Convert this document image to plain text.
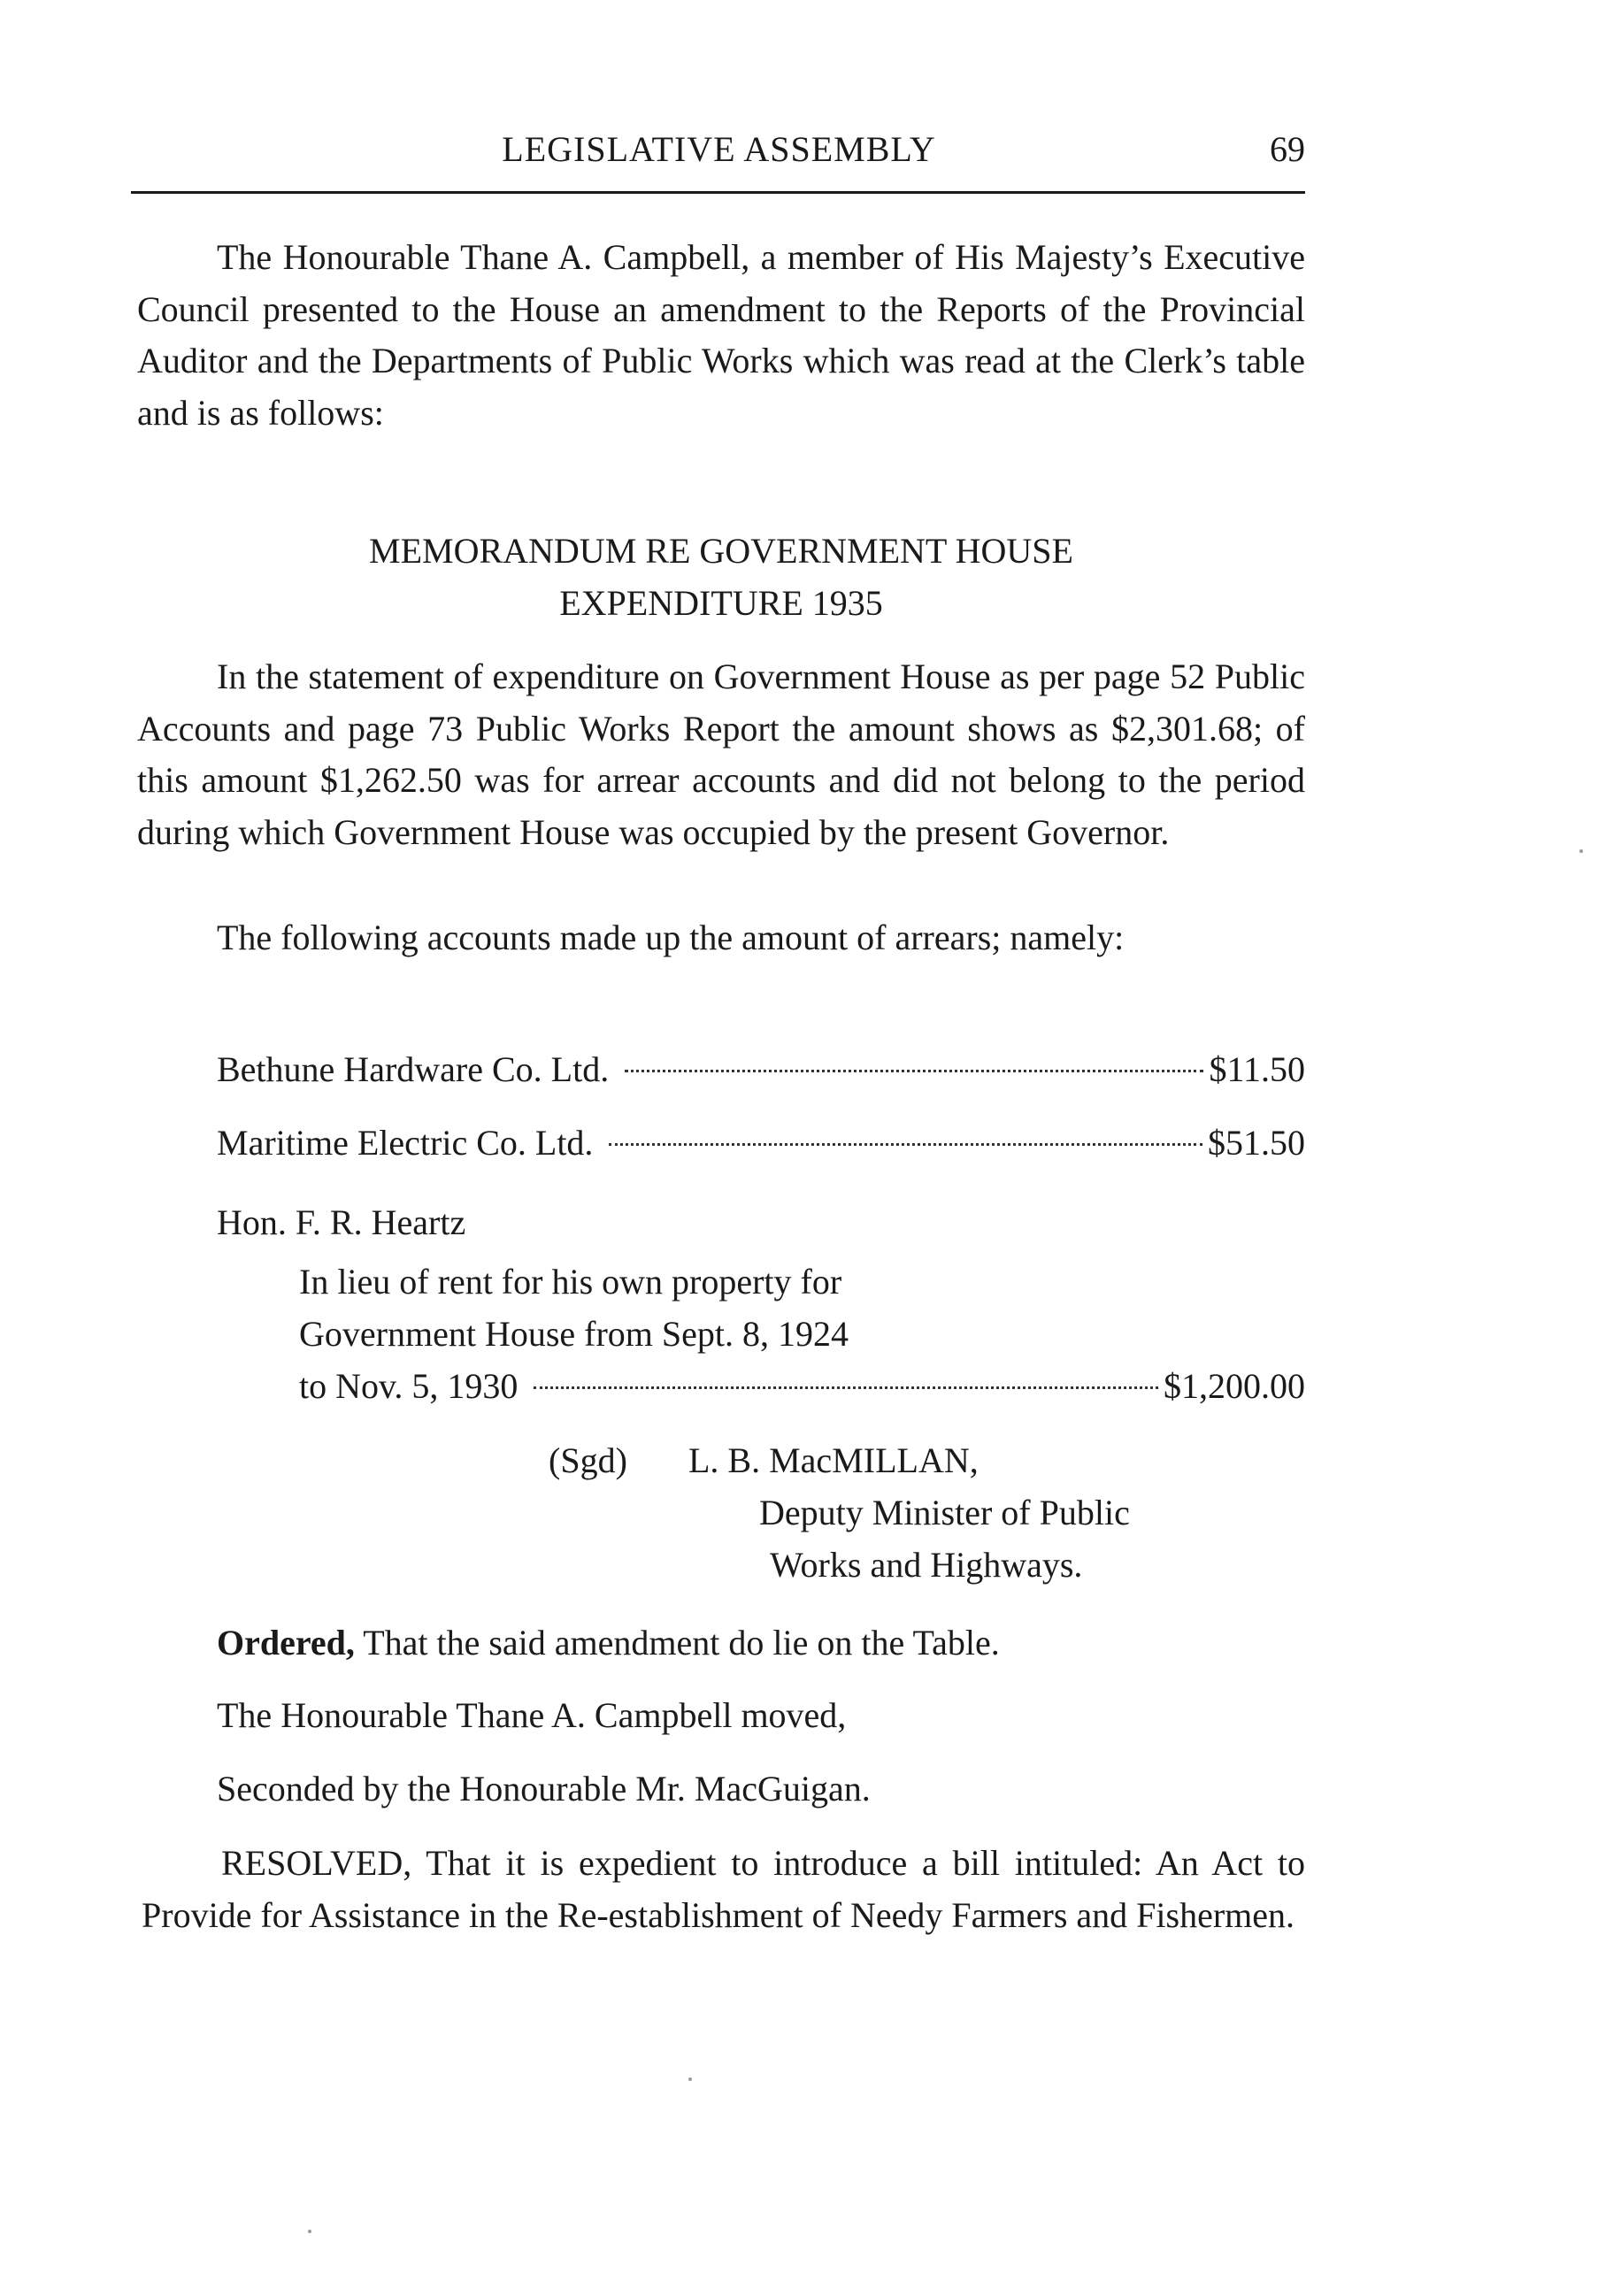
LEGISLATIVE ASSEMBLY	69

The Honourable Thane A. Campbell, a member of His Majesty’s Executive Council presented to the House an amendment to the Reports of the Provincial Auditor and the Departments of Public Works which was read at the Clerk’s table and is as follows:

MEMORANDUM RE GOVERNMENT HOUSE
EXPENDITURE 1935

In the statement of expenditure on Government House as per page 52 Public Accounts and page 73 Public Works Report the amount shows as $2,301.68; of this amount $1,262.50 was for arrear accounts and did not belong to the period during which Government House was occupied by the present Governor.

The following accounts made up the amount of arrears; namely:

Bethune Hardware Co. Ltd.	$11.50
Maritime Electric Co. Ltd.	$51.50

Hon. F. R. Heartz

In lieu of rent for his own property for

Government House from Sept. 8, 1924

to Nov. 5, 1930	$1,200.00

(Sgd) L. B. MacMILLAN,

Deputy Minister of Public

Works and Highways.

Ordered, That the said amendment do lie on the Table.

The Honourable Thane A. Campbell moved,

Seconded by the Honourable Mr. MacGuigan.

RESOLVED, That it is expedient to introduce a bill intituled: An Act to Provide for Assistance in the Re-establishment of Needy Farmers and Fishermen.
